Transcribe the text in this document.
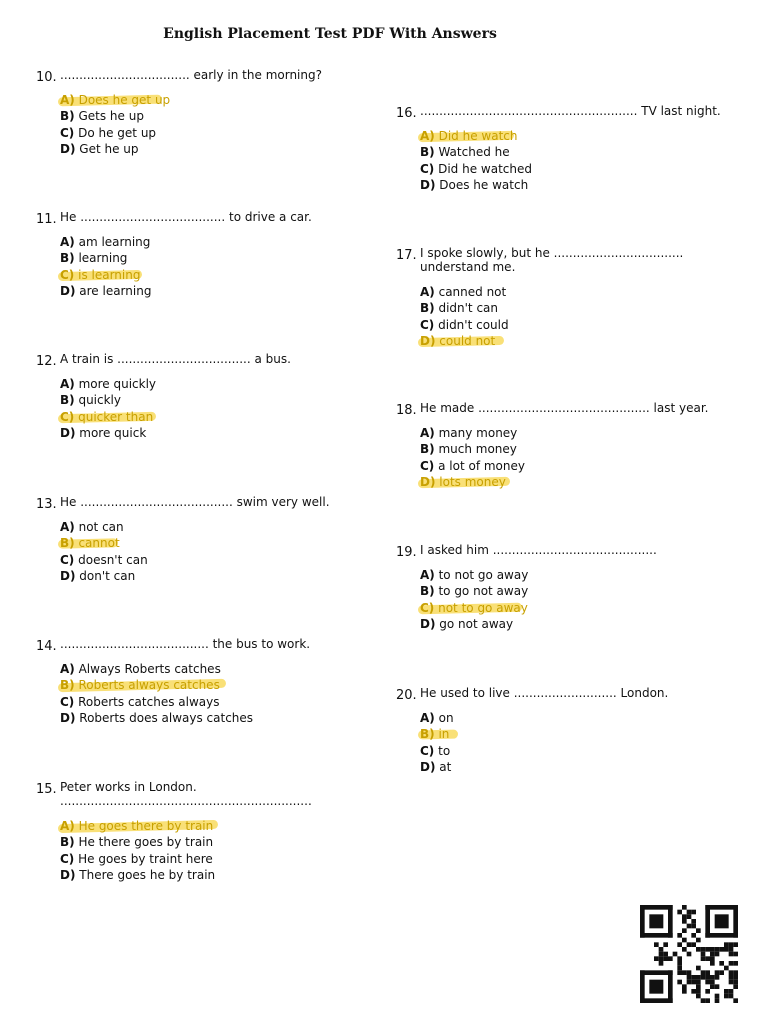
English Placement Test PDF With Answers
10. .................................. early in the morning?
A) Does he get up
B) Gets he up
C) Do he get up
D) Get he up
11. He ...................................... to drive a car.
A) am learning
B) learning
C) is learning
D) are learning
12. A train is ................................... a bus.
A) more quickly
B) quickly
C) quicker than
D) more quick
13. He ........................................ swim very well.
A) not can
B) cannot
C) doesn't can
D) don't can
14. ....................................... the bus to work.
A) Always Roberts catches
B) Roberts always catches
C) Roberts catches always
D) Roberts does always catches
15. Peter works in London.
..................................................................
A) He goes there by train
B) He there goes by train
C) He goes by traint here
D) There goes he by train
16. ......................................................... TV last night.
A) Did he watch
B) Watched he
C) Did he watched
D) Does he watch
17. I spoke slowly, but he ..................................
understand me.
A) canned not
B) didn't can
C) didn't could
D) could not
18. He made ............................................. last year.
A) many money
B) much money
C) a lot of money
D) lots money
19. I asked him ...........................................
A) to not go away
B) to go not away
C) not to go away
D) go not away
20. He used to live ........................... London.
A) on
B) in
C) to
D) at
